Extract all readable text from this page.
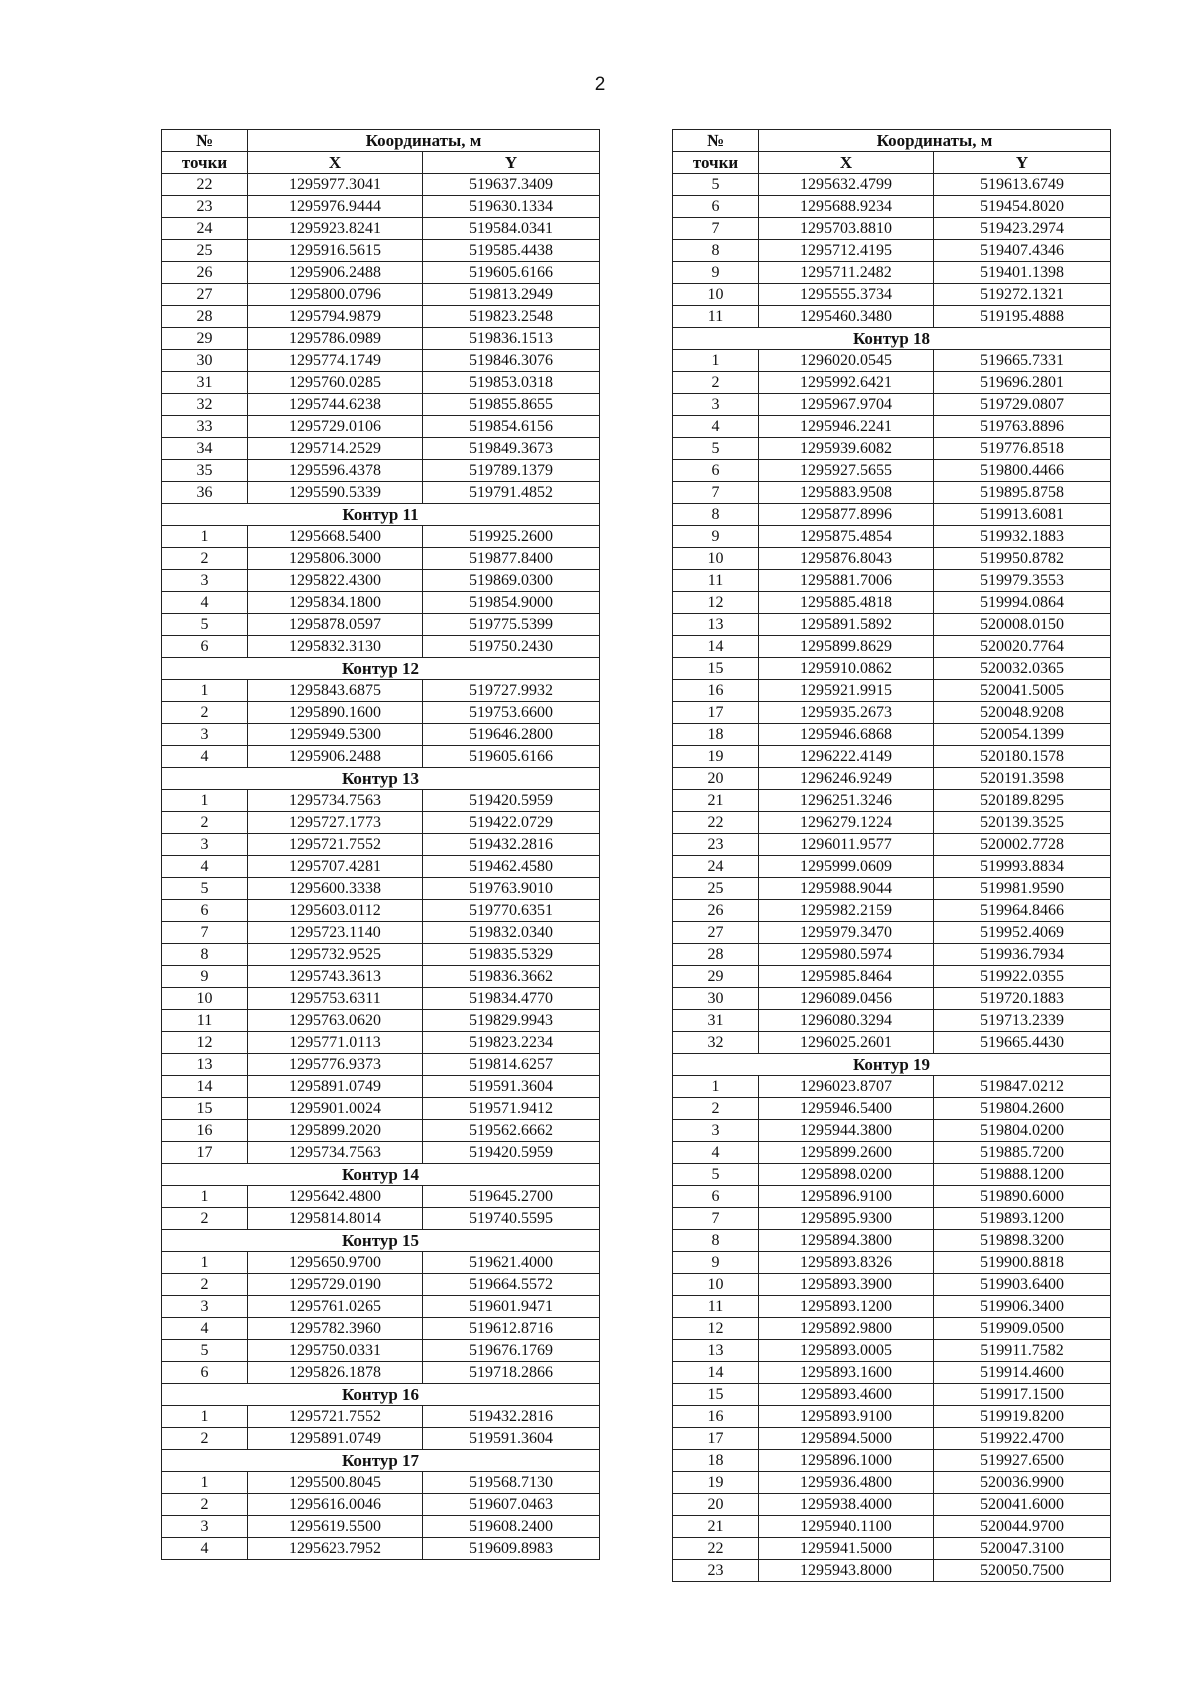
2
№	Координаты, м	
точки	X	Y
22	1295977.3041	519637.3409
23	1295976.9444	519630.1334
24	1295923.8241	519584.0341
25	1295916.5615	519585.4438
26	1295906.2488	519605.6166
27	1295800.0796	519813.2949
28	1295794.9879	519823.2548
29	1295786.0989	519836.1513
30	1295774.1749	519846.3076
31	1295760.0285	519853.0318
32	1295744.6238	519855.8655
33	1295729.0106	519854.6156
34	1295714.2529	519849.3673
35	1295596.4378	519789.1379
36	1295590.5339	519791.4852
Контур 11		
1	1295668.5400	519925.2600
2	1295806.3000	519877.8400
3	1295822.4300	519869.0300
4	1295834.1800	519854.9000
5	1295878.0597	519775.5399
6	1295832.3130	519750.2430
Контур 12		
1	1295843.6875	519727.9932
2	1295890.1600	519753.6600
3	1295949.5300	519646.2800
4	1295906.2488	519605.6166
Контур 13		
1	1295734.7563	519420.5959
2	1295727.1773	519422.0729
3	1295721.7552	519432.2816
4	1295707.4281	519462.4580
5	1295600.3338	519763.9010
6	1295603.0112	519770.6351
7	1295723.1140	519832.0340
8	1295732.9525	519835.5329
9	1295743.3613	519836.3662
10	1295753.6311	519834.4770
11	1295763.0620	519829.9943
12	1295771.0113	519823.2234
13	1295776.9373	519814.6257
14	1295891.0749	519591.3604
15	1295901.0024	519571.9412
16	1295899.2020	519562.6662
17	1295734.7563	519420.5959
Контур 14		
1	1295642.4800	519645.2700
2	1295814.8014	519740.5595
Контур 15		
1	1295650.9700	519621.4000
2	1295729.0190	519664.5572
3	1295761.0265	519601.9471
4	1295782.3960	519612.8716
5	1295750.0331	519676.1769
6	1295826.1878	519718.2866
Контур 16		
1	1295721.7552	519432.2816
2	1295891.0749	519591.3604
Контур 17		
1	1295500.8045	519568.7130
2	1295616.0046	519607.0463
3	1295619.5500	519608.2400
4	1295623.7952	519609.8983
№	Координаты, м	
точки	X	Y
5	1295632.4799	519613.6749
6	1295688.9234	519454.8020
7	1295703.8810	519423.2974
8	1295712.4195	519407.4346
9	1295711.2482	519401.1398
10	1295555.3734	519272.1321
11	1295460.3480	519195.4888
Контур 18		
1	1296020.0545	519665.7331
2	1295992.6421	519696.2801
3	1295967.9704	519729.0807
4	1295946.2241	519763.8896
5	1295939.6082	519776.8518
6	1295927.5655	519800.4466
7	1295883.9508	519895.8758
8	1295877.8996	519913.6081
9	1295875.4854	519932.1883
10	1295876.8043	519950.8782
11	1295881.7006	519979.3553
12	1295885.4818	519994.0864
13	1295891.5892	520008.0150
14	1295899.8629	520020.7764
15	1295910.0862	520032.0365
16	1295921.9915	520041.5005
17	1295935.2673	520048.9208
18	1295946.6868	520054.1399
19	1296222.4149	520180.1578
20	1296246.9249	520191.3598
21	1296251.3246	520189.8295
22	1296279.1224	520139.3525
23	1296011.9577	520002.7728
24	1295999.0609	519993.8834
25	1295988.9044	519981.9590
26	1295982.2159	519964.8466
27	1295979.3470	519952.4069
28	1295980.5974	519936.7934
29	1295985.8464	519922.0355
30	1296089.0456	519720.1883
31	1296080.3294	519713.2339
32	1296025.2601	519665.4430
Контур 19		
1	1296023.8707	519847.0212
2	1295946.5400	519804.2600
3	1295944.3800	519804.0200
4	1295899.2600	519885.7200
5	1295898.0200	519888.1200
6	1295896.9100	519890.6000
7	1295895.9300	519893.1200
8	1295894.3800	519898.3200
9	1295893.8326	519900.8818
10	1295893.3900	519903.6400
11	1295893.1200	519906.3400
12	1295892.9800	519909.0500
13	1295893.0005	519911.7582
14	1295893.1600	519914.4600
15	1295893.4600	519917.1500
16	1295893.9100	519919.8200
17	1295894.5000	519922.4700
18	1295896.1000	519927.6500
19	1295936.4800	520036.9900
20	1295938.4000	520041.6000
21	1295940.1100	520044.9700
22	1295941.5000	520047.3100
23	1295943.8000	520050.7500
